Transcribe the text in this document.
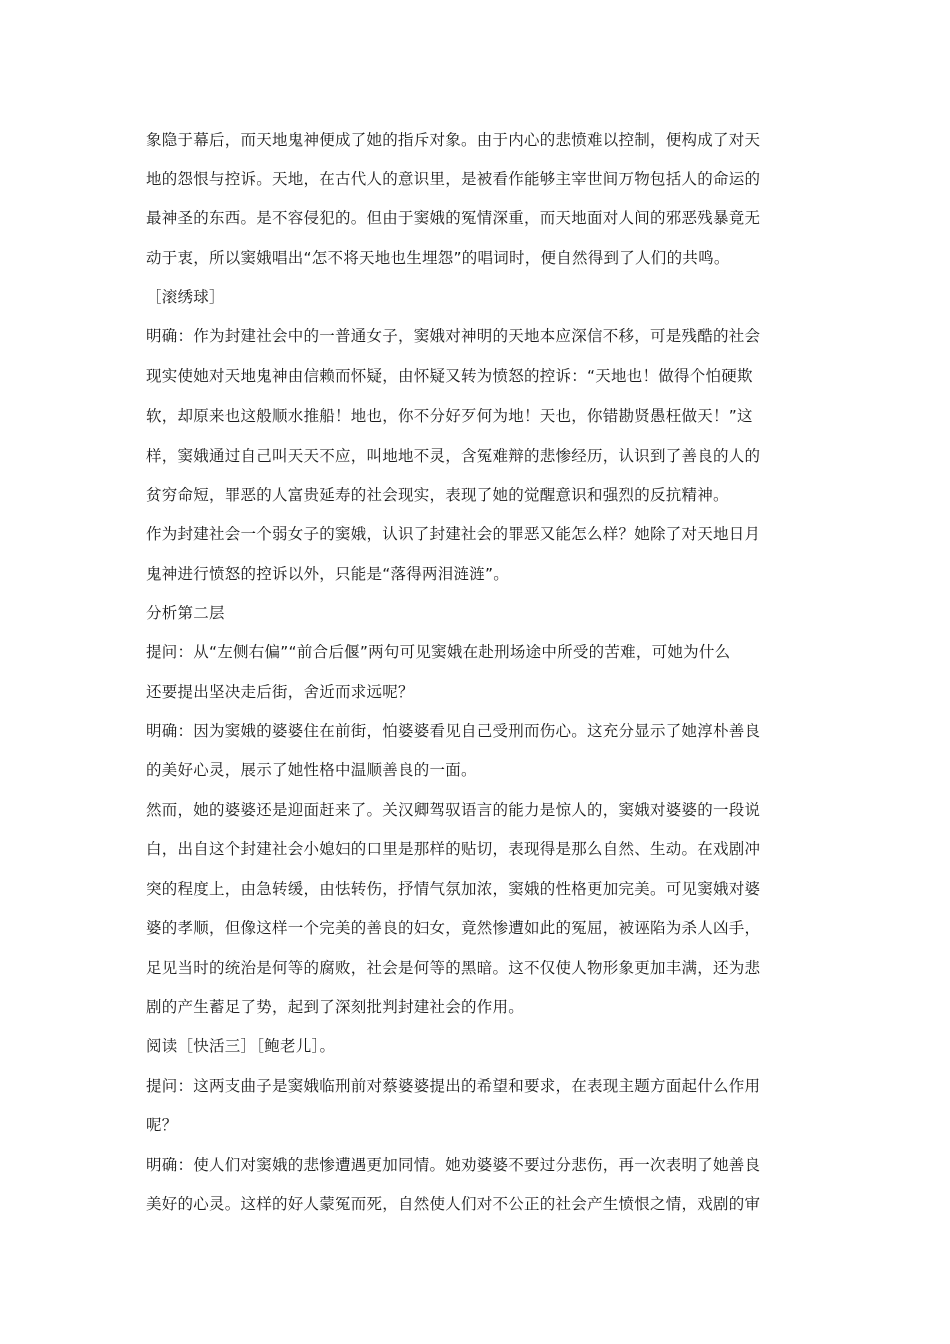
象隐于幕后，而天地鬼神便成了她的指斥对象。由于内心的悲愤难以控制，便构成了对天
地的怨恨与控诉。天地，在古代人的意识里，是被看作能够主宰世间万物包括人的命运的
最神圣的东西。是不容侵犯的。但由于窦娥的冤情深重，而天地面对人间的邪恶残暴竟无
动于衷，所以窦娥唱出“怎不将天地也生埋怨”的唱词时，便自然得到了人们的共鸣。
［滚绣球］
明确：作为封建社会中的一普通女子，窦娥对神明的天地本应深信不移，可是残酷的社会
现实使她对天地鬼神由信赖而怀疑，由怀疑又转为愤怒的控诉：“天地也！做得个怕硬欺
软，却原来也这般顺水推船！地也，你不分好歹何为地！天也，你错勘贤愚枉做天！”这
样，窦娥通过自己叫天天不应，叫地地不灵，含冤难辩的悲惨经历，认识到了善良的人的
贫穷命短，罪恶的人富贵延寿的社会现实，表现了她的觉醒意识和强烈的反抗精神。
作为封建社会一个弱女子的窦娥，认识了封建社会的罪恶又能怎么样？她除了对天地日月
鬼神进行愤怒的控诉以外，只能是“落得两泪涟涟”。
分析第二层
提问：从“左侧右偏”“前合后偃”两句可见窦娥在赴刑场途中所受的苦难，可她为什么
还要提出坚决走后街，舍近而求远呢？
明确：因为窦娥的婆婆住在前街，怕婆婆看见自己受刑而伤心。这充分显示了她淳朴善良
的美好心灵，展示了她性格中温顺善良的一面。
然而，她的婆婆还是迎面赶来了。关汉卿驾驭语言的能力是惊人的，窦娥对婆婆的一段说
白，出自这个封建社会小媳妇的口里是那样的贴切，表现得是那么自然、生动。在戏剧冲
突的程度上，由急转缓，由怯转伤，抒情气氛加浓，窦娥的性格更加完美。可见窦娥对婆
婆的孝顺，但像这样一个完美的善良的妇女，竟然惨遭如此的冤屈，被诬陷为杀人凶手，
足见当时的统治是何等的腐败，社会是何等的黑暗。这不仅使人物形象更加丰满，还为悲
剧的产生蓄足了势，起到了深刻批判封建社会的作用。
阅读［快活三］［鲍老儿］。
提问：这两支曲子是窦娥临刑前对蔡婆婆提出的希望和要求，在表现主题方面起什么作用
呢？
明确：使人们对窦娥的悲惨遭遇更加同情。她劝婆婆不要过分悲伤，再一次表明了她善良
美好的心灵。这样的好人蒙冤而死，自然使人们对不公正的社会产生愤恨之情，戏剧的审
